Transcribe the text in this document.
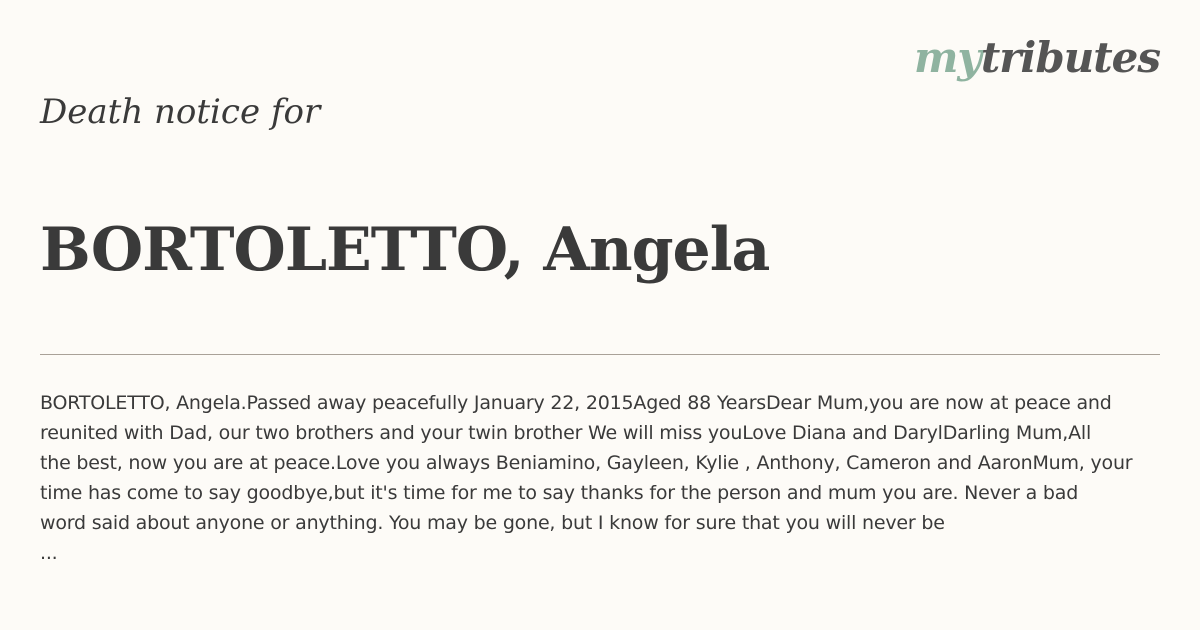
mytributes
Death notice for
BORTOLETTO, Angela
BORTOLETTO, Angela.Passed away peacefully January 22, 2015Aged 88 YearsDear Mum,you are now at peace and
reunited with Dad, our two brothers and your twin brother We will miss youLove Diana and DarylDarling Mum,All
the best, now you are at peace.Love you always Beniamino, Gayleen, Kylie , Anthony, Cameron and AaronMum, your
time has come to say goodbye,but it's time for me to say thanks for the person and mum you are. Never a bad
word said about anyone or anything. You may be gone, but I know for sure that you will never be
...
